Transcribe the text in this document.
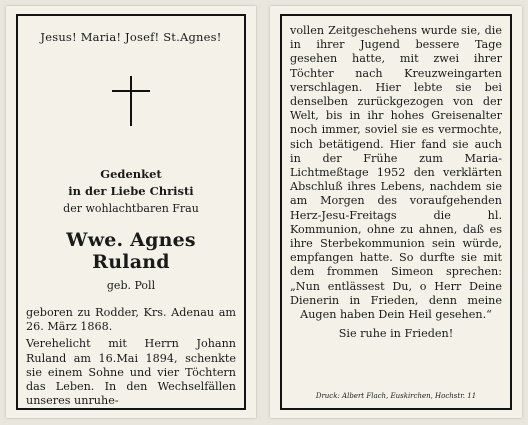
Jesus! Maria! Josef! St.Agnes!
Gedenket
in der Liebe Christi
der wohlachtbaren Frau
Wwe. Agnes Ruland
geb. Poll

geboren zu Rodder, Krs. Adenau am 26. März 1868.

Verehelicht mit Herrn Johann Ruland am 16.Mai 1894, schenkte sie einem Sohne und vier Töchtern das Leben. In den Wechselfällen unseres unruhe-

vollen Zeitgeschehens wurde sie, die in ihrer Jugend bessere Tage gesehen hatte, mit zwei ihrer Töchter nach Kreuzweingarten verschlagen. Hier lebte sie bei denselben zurückgezogen von der Welt, bis in ihr hohes Greisenalter noch immer, soviel sie es vermochte, sich betätigend. Hier fand sie auch in der Frühe zum Maria-Lichtmeßtage 1952 den verklärten Abschluß ihres Lebens, nachdem sie am Morgen des voraufgehenden Herz-Jesu-Freitags die hl. Kommunion, ohne zu ahnen, daß es ihre Sterbekommunion sein würde, empfangen hatte. So durfte sie mit dem frommen Simeon sprechen: „Nun entlässest Du, o Herr Deine Dienerin in Frieden, denn meine Augen haben Dein Heil gesehen.“
Sie ruhe in Frieden!
Druck: Albert Flach, Euskirchen, Hochstr. 11
